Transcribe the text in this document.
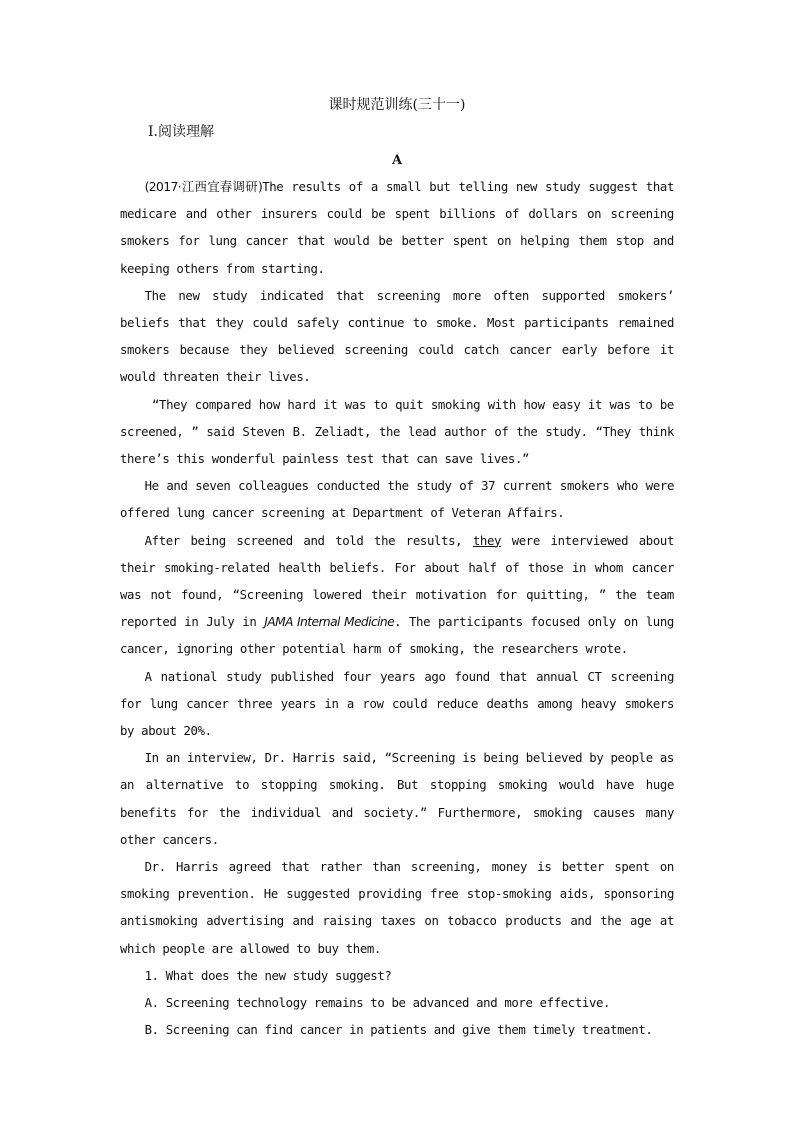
课时规范训练(三十一)
Ⅰ.阅读理解
A

(2017·江西宜春调研)The results of a small but telling new study suggest that medicare and other insurers could be spent billions of dollars on screening smokers for lung cancer that would be better spent on helping them stop and keeping others from starting.

The new study indicated that screening more often supported smokers’ beliefs that they could safely continue to smoke. Most participants remained smokers because they believed screening could catch cancer early before it would threaten their lives.

“They compared how hard it was to quit smoking with how easy it was to be screened, ” said Steven B. Zeliadt, the lead author of the study. “They think there’s this wonderful painless test that can save lives.”

He and seven colleagues conducted the study of 37 current smokers who were offered lung cancer screening at Department of Veteran Affairs.

After being screened and told the results, they were interviewed about their smoking-related health beliefs. For about half of those in whom cancer was not found, “Screening lowered their motivation for quitting, ” the team reported in July in JAMA Internal Medicine. The participants focused only on lung cancer, ignoring other potential harm of smoking, the researchers wrote.

A national study published four years ago found that annual CT screening for lung cancer three years in a row could reduce deaths among heavy smokers by about 20%.

In an interview, Dr. Harris said, “Screening is being believed by people as an alternative to stopping smoking. But stopping smoking would have huge benefits for the individual and society.” Furthermore, smoking causes many other cancers.

Dr. Harris agreed that rather than screening, money is better spent on smoking prevention. He suggested providing free stop-smoking aids, sponsoring antismoking advertising and raising taxes on tobacco products and the age at which people are allowed to buy them.

1. What does the new study suggest?

A. Screening technology remains to be advanced and more effective.

B. Screening can find cancer in patients and give them timely treatment.
